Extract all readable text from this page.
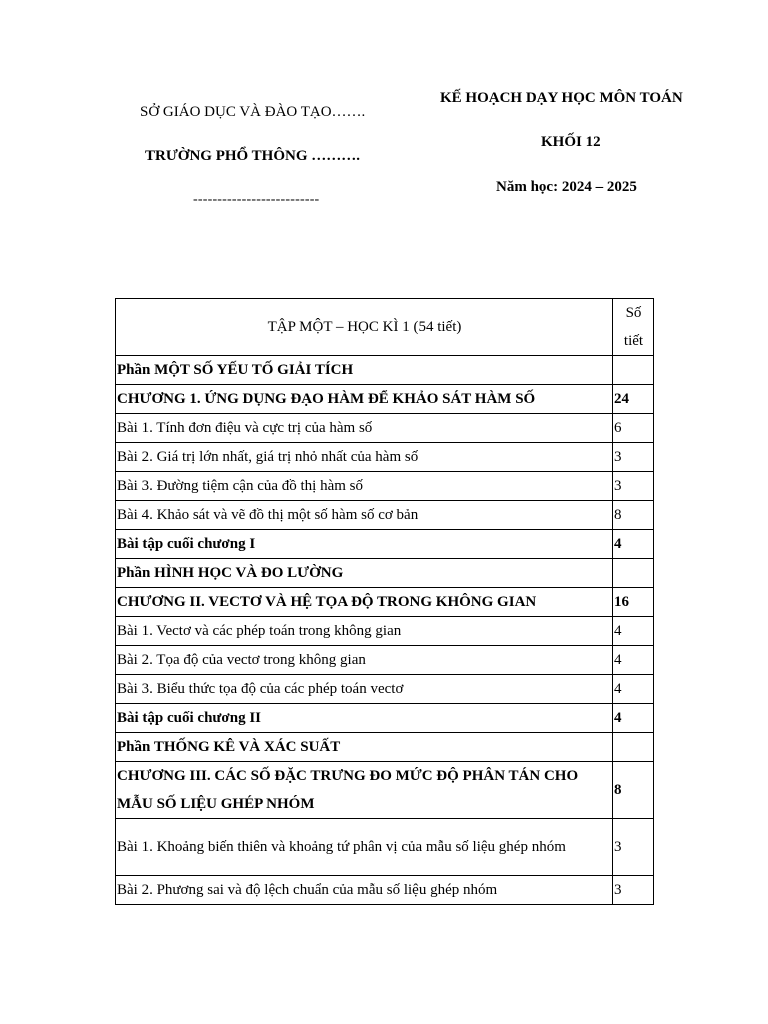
SỞ GIÁO DỤC VÀ ĐÀO TẠO…….
TRƯỜNG PHỔ THÔNG ……….
--------------------------
KẾ HOẠCH DẠY HỌC MÔN TOÁN
KHỐI 12
Năm học: 2024 – 2025
TẬP MỘT – HỌC KÌ 1 (54 tiết)	Số
tiết
Phần MỘT SỐ YẾU TỐ GIẢI TÍCH	
CHƯƠNG 1. ỨNG DỤNG ĐẠO HÀM ĐỂ KHẢO SÁT HÀM SỐ	24
Bài 1. Tính đơn điệu và cực trị của hàm số	6
Bài 2. Giá trị lớn nhất, giá trị nhỏ nhất của hàm số	3
Bài 3. Đường tiệm cận của đồ thị hàm số	3
Bài 4. Khảo sát và vẽ đồ thị một số hàm số cơ bản	8
Bài tập cuối chương I	4
Phần HÌNH HỌC VÀ ĐO LƯỜNG	
CHƯƠNG II. VECTƠ VÀ HỆ TỌA ĐỘ TRONG KHÔNG GIAN	16
Bài 1. Vectơ và các phép toán trong không gian	4
Bài 2. Tọa độ của vectơ trong không gian	4
Bài 3. Biểu thức tọa độ của các phép toán vectơ	4
Bài tập cuối chương II	4
Phần THỐNG KÊ VÀ XÁC SUẤT	
CHƯƠNG III. CÁC SỐ ĐẶC TRƯNG ĐO MỨC ĐỘ PHÂN TÁN CHO MẪU SỐ LIỆU GHÉP NHÓM	8
Bài 1. Khoảng biến thiên và khoảng tứ phân vị của mẫu số liệu ghép nhóm	3
Bài 2. Phương sai và độ lệch chuẩn của mẫu số liệu ghép nhóm	3
